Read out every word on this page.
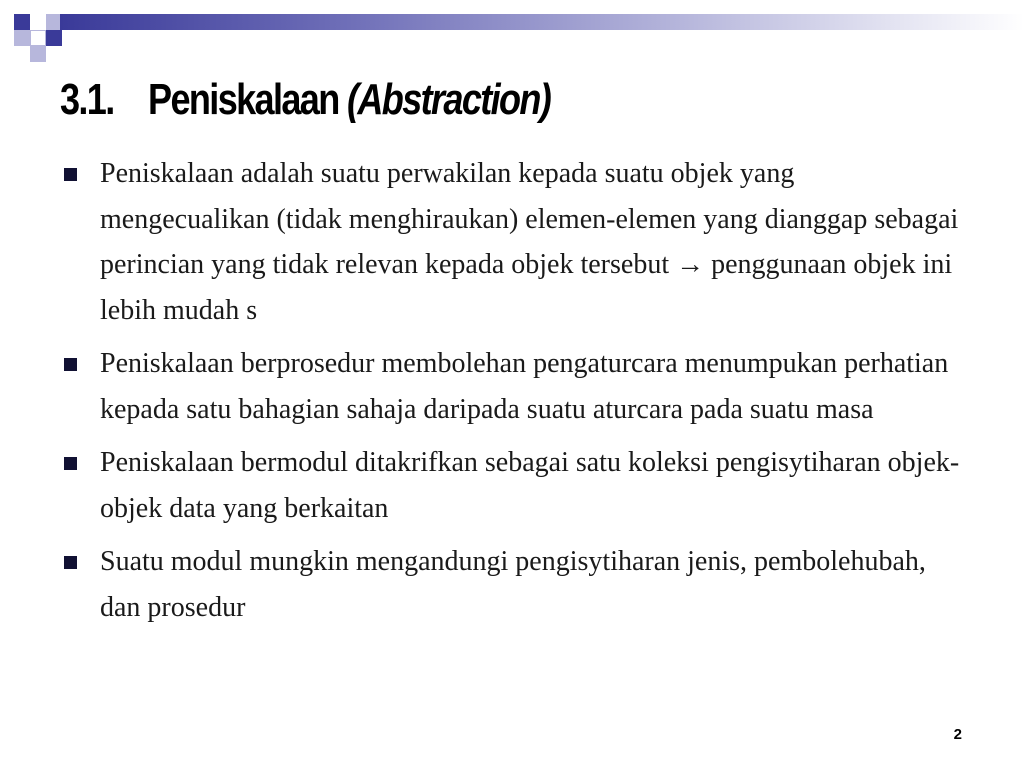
3.1. Peniskalaan (Abstraction)
Peniskalaan adalah suatu perwakilan kepada suatu objek yang mengecualikan (tidak menghiraukan) elemen-elemen yang dianggap sebagai perincian yang tidak relevan kepada objek tersebut → penggunaan objek ini lebih mudah s
Peniskalaan berprosedur membolehan pengaturcara menumpukan perhatian kepada satu bahagian sahaja daripada suatu aturcara pada suatu masa
Peniskalaan bermodul ditakrifkan sebagai satu koleksi pengisytiharan objek-objek data yang berkaitan
Suatu modul mungkin mengandungi pengisytiharan jenis, pembolehubah, dan prosedur
2
